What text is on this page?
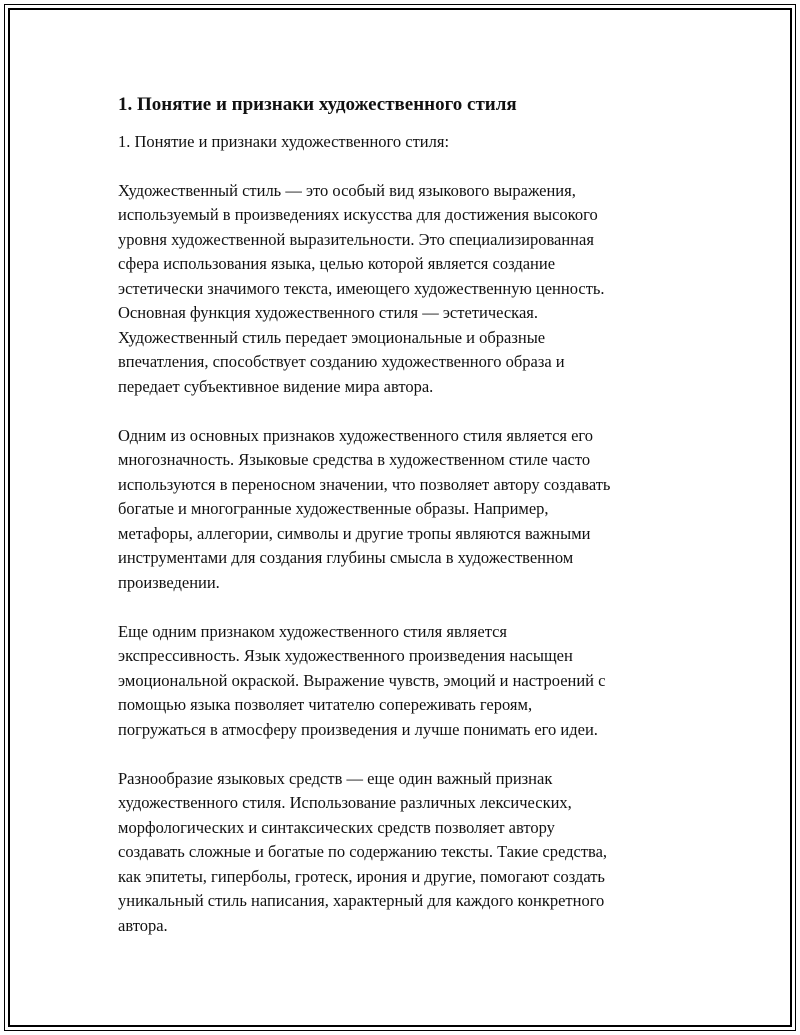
1. Понятие и признаки художественного стиля

1. Понятие и признаки художественного стиля:

Художественный стиль — это особый вид языкового выражения,
используемый в произведениях искусства для достижения высокого
уровня художественной выразительности. Это специализированная
сфера использования языка, целью которой является создание
эстетически значимого текста, имеющего художественную ценность.
Основная функция художественного стиля — эстетическая.
Художественный стиль передает эмоциональные и образные
впечатления, способствует созданию художественного образа и
передает субъективное видение мира автора.

Одним из основных признаков художественного стиля является его
многозначность. Языковые средства в художественном стиле часто
используются в переносном значении, что позволяет автору создавать
богатые и многогранные художественные образы. Например,
метафоры, аллегории, символы и другие тропы являются важными
инструментами для создания глубины смысла в художественном
произведении.

Еще одним признаком художественного стиля является
экспрессивность. Язык художественного произведения насыщен
эмоциональной окраской. Выражение чувств, эмоций и настроений с
помощью языка позволяет читателю сопереживать героям,
погружаться в атмосферу произведения и лучше понимать его идеи.

Разнообразие языковых средств — еще один важный признак
художественного стиля. Использование различных лексических,
морфологических и синтаксических средств позволяет автору
создавать сложные и богатые по содержанию тексты. Такие средства,
как эпитеты, гиперболы, гротеск, ирония и другие, помогают создать
уникальный стиль написания, характерный для каждого конкретного
автора.
